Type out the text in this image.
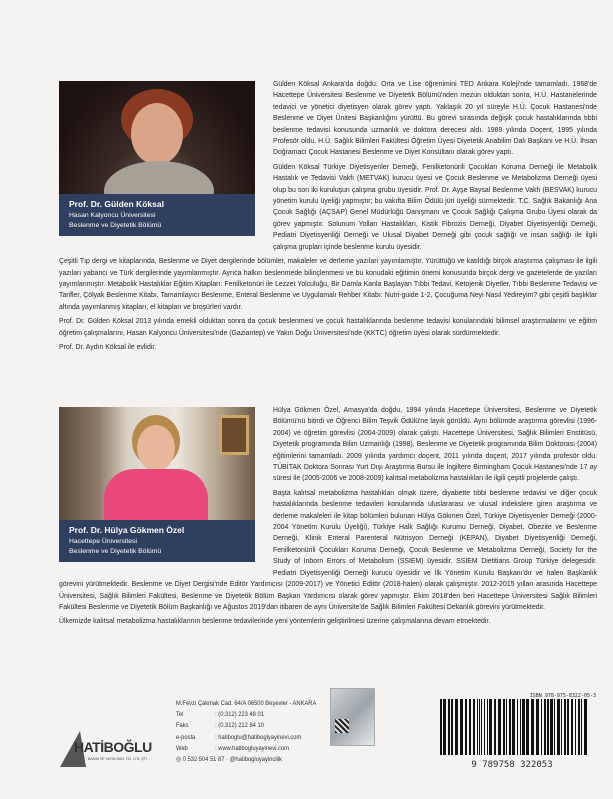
Prof. Dr. Gülden Köksal
Hasan Kalyoncu Üniversitesi
Beslenme ve Diyetetik Bölümü

Gülden Köksal Ankara'da doğdu. Orta ve Lise öğrenimini TED Ankara Koleji'nde tamamladı. 1968'de Hacettepe Üniversitesi Beslenme ve Diyetetik Bölümü'nden mezun olduktan sonra, H.Ü. Hastanelerinde tedavici ve yönetici diyetisyen olarak görev yaptı. Yaklaşık 20 yıl süreyle H.Ü. Çocuk Hastanesi'nde Beslenme ve Diyet Ünitesi Başkanlığını yürüttü. Bu görevi sırasında değişik çocuk hastalıklarında tıbbi beslenme tedavisi konusunda uzmanlık ve doktora derecesi aldı. 1989 yılında Doçent, 1995 yılında Profesör oldu. H.Ü. Sağlık Bilimleri Fakültesi Öğretim Üyesi Diyetetik Anabilim Dalı Başkanı ve H.Ü. İhsan Doğramacı Çocuk Hastanesi Beslenme ve Diyet Konsültanı olarak görev yaptı.

Gülden Köksal Türkiye Diyetisyenler Derneği, Fenilketonürili Çocukları Koruma Derneği ile Metabolik Hastalık ve Tedavisi Vakfı (METVAK) kurucu üyesi ve Çocuk Beslenme ve Metabolizma Derneği üyesi olup bu son iki kuruluşun çalışma grubu üyesidir. Prof. Dr. Ayşe Baysal Beslenme Vakfı (BESVAK) kurucu yönetim kurulu üyeliği yapmıştır; bu vakıfta Bilim Ödülü jüri üyeliği sürmektedir. T.C. Sağlık Bakanlığı Ana Çocuk Sağlığı (AÇSAP) Genel Müdürlüğü Danışmanı ve Çocuk Sağlığı Çalışma Grubu Üyesi olarak da görev yapmıştır. Solunum Yolları Hastalıkları, Kistik Fibrozis Derneği, Diyabet Diyetisyenliği Derneği, Pediatri Diyetisyenliği Derneği ve Ulusal Diyabet Derneği gibi çocuk sağlığı ve insan sağlığı ile ilgili çalışma grupları içinde beslenme kurulu üyesidir.

Çeşitli Tıp dergi ve kitaplarında, Beslenme ve Diyet dergilerinde bölümler, makaleler ve derleme yazıları yayımlamıştır. Yürüttüğü ve katıldığı birçok araştırma çalışması ile ilgili yazıları yabancı ve Türk dergilerinde yayımlanmıştır. Ayrıca halkın beslenmede bilinçlenmesi ve bu konudaki eğitimin önemi konusunda birçok dergi ve gazetelerde de yazıları yayımlanmıştır. Metabolik Hastalıklar Eğitim Kitapları: Fenilketonüri ile Lezzet Yolculuğu, Bir Damla Kanla Başlayan Tıbbi Tedavi, Ketojenik Diyetler, Tıbbi Beslenme Tedavisi ve Tarifler, Çölyak Beslenme Kitabı, Tamamlayıcı Beslenme, Enteral Beslenme ve Uygulamalı Rehber Kitabı: Nutri-guide 1-2, Çocuğuma Neyi Nasıl Yedireyim? gibi çeşitli başlıklar altında yayımlanmış kitapları, el kitapları ve broşürleri vardır.

Prof. Dr. Gülden Köksal 2013 yılında emekli olduktan sonra da çocuk beslenmesi ve çocuk hastalıklarında beslenme tedavisi konularındaki bilimsel araştırmalarını ve eğitim öğretim çalışmalarını, Hasan Kalyoncu Üniversitesi'nde (Gaziantep) ve Yakın Doğu Üniversitesi'nde (KKTC) öğretim üyesi olarak sürdürmektedir.

Prof. Dr. Aydın Köksal ile evlidir.

Prof. Dr. Hülya Gökmen Özel
Hacettepe Üniversitesi
Beslenme ve Diyetetik Bölümü

Hülya Gökmen Özel, Amasya'da doğdu, 1994 yılında Hacettepe Üniversitesi, Beslenme ve Diyetetik Bölümü'nü bitirdi ve Öğrenci Bilim Teşvik Ödülü'ne layık görüldü. Aynı bölümde araştırma görevlisi (1996-2004) ve öğretim görevlisi (2004-2009) olarak çalıştı. Hacettepe Üniversitesi, Sağlık Bilimleri Enstitüsü, Diyetetik programında Bilim Uzmanlığı (1998), Beslenme ve Diyetetik programında Bilim Doktorası (2004) eğitimlerini tamamladı. 2009 yılında yardımcı doçent, 2011 yılında doçent, 2017 yılında profesör oldu. TÜBİTAK Doktora Sonrası Yurt Dışı Araştırma Bursu ile İngiltere Birmingham Çocuk Hastanesi'nde 17 ay süresi ile (2005-2006 ve 2008-2009) kalıtsal metabolizma hastalıkları ile ilgili çeşitli projelerde çalıştı.

Başta kalıtsal metabolizma hastalıkları olmak üzere, diyabette tıbbi beslenme tedavisi ve diğer çocuk hastalıklarında beslenme tedavileri konularında uluslararası ve ulusal indekslere giren araştırma ve derleme makaleleri ile kitap bölümleri bulunan Hülya Gökmen Özel, Türkiye Diyetisyenler Derneği (2000-2004 Yönetim Kurulu Üyeliği), Türkiye Halk Sağlığı Kurumu Derneği, Diyabet, Obezite ve Beslenme Derneği, Klinik Enteral Parenteral Nütrisyon Derneği (KEPAN), Diyabet Diyetisyenliği Derneği, Fenilketonürili Çocukları Koruma Derneği, Çocuk Beslenme ve Metabolizma Derneği, Society for the Study of Inborn Errors of Metabolism (SSIEM) üyesidir. SSIEM Dietitians Group Türkiye delegesidir. Pediatri Diyetisyenliği Derneği kurucu üyesidir ve İlk Yönetim Kurulu Başkanı'dır ve halen Başkanlık görevini yürütmektedir. Beslenme ve Diyet Dergisi'nde Editör Yardımcısı (2009-2017) ve Yönetici Editör (2018-halen) olarak çalışmıştır. 2012-2015 yılları arasında Hacettepe Üniversitesi, Sağlık Bilimleri Fakültesi, Beslenme ve Diyetetik Bölüm Başkan Yardımcısı olarak görev yapmıştır. Ekim 2018'den beri Hacettepe Üniversitesi Sağlık Bilimleri Fakültesi Beslenme ve Diyetetik Bölüm Başkanlığı ve Ağustos 2019'dan itibaren de aynı Üniversite'de Sağlık Bilimleri Fakültesi Dekanlık görevini yürütmektedir.

Ülkemizde kalıtsal metabolizma hastalıklarının beslenme tedavilerinde yeni yöntemlerin geliştirilmesi üzerine çalışmalarına devam etmektedir.

HATİBOĞLU
BASIM VE YAYIN SAN. TİC. LTD. ŞTİ.
M.Fevzi Çakmak Cad. 64/A 06500 Beşevler - ANKARA
Tel	: (0.312) 223 48 01
Faks	: (0.312) 212 84 10
e-posta	: hatiboglu@hatiboglyayinevi.com
Web	: www.hatibogluyayinevi.com
◎ 0 532 504 51 87 · @hatibogluyayincilik
ISBN 978-975-8322-05-3
9 789758 322053
